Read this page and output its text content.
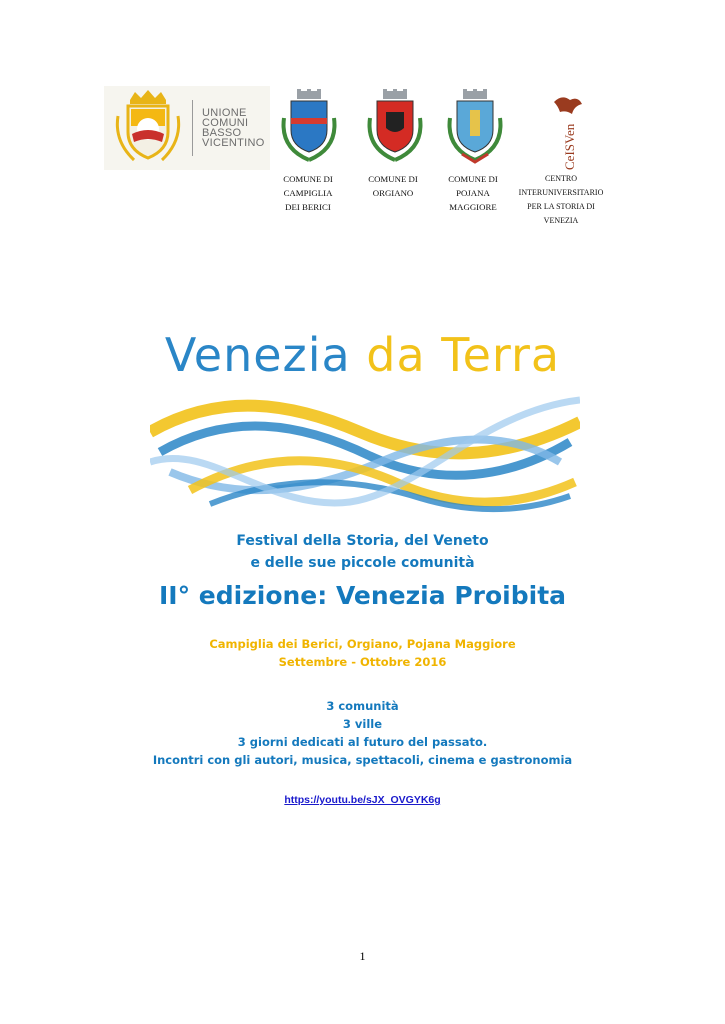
UNIONE
COMUNI
BASSO
VICENTINO	CeISVen
COMUNE DI
CAMPIGLIA
DEI BERICI
COMUNE DI
ORGIANO
COMUNE DI
POJANA
MAGGIORE
CENTRO
INTERUNIVERSITARIO
PER LA STORIA DI
VENEZIA
Venezia da Terra
Festival della Storia, del Veneto
e delle sue piccole comunità
II° edizione: Venezia Proibita
Campiglia dei Berici, Orgiano, Pojana Maggiore
Settembre - Ottobre 2016
3 comunità
3 ville
3 giorni dedicati al futuro del passato.
Incontri con gli autori, musica, spettacoli, cinema e gastronomia
https://youtu.be/sJX_OVGYK6g
1
